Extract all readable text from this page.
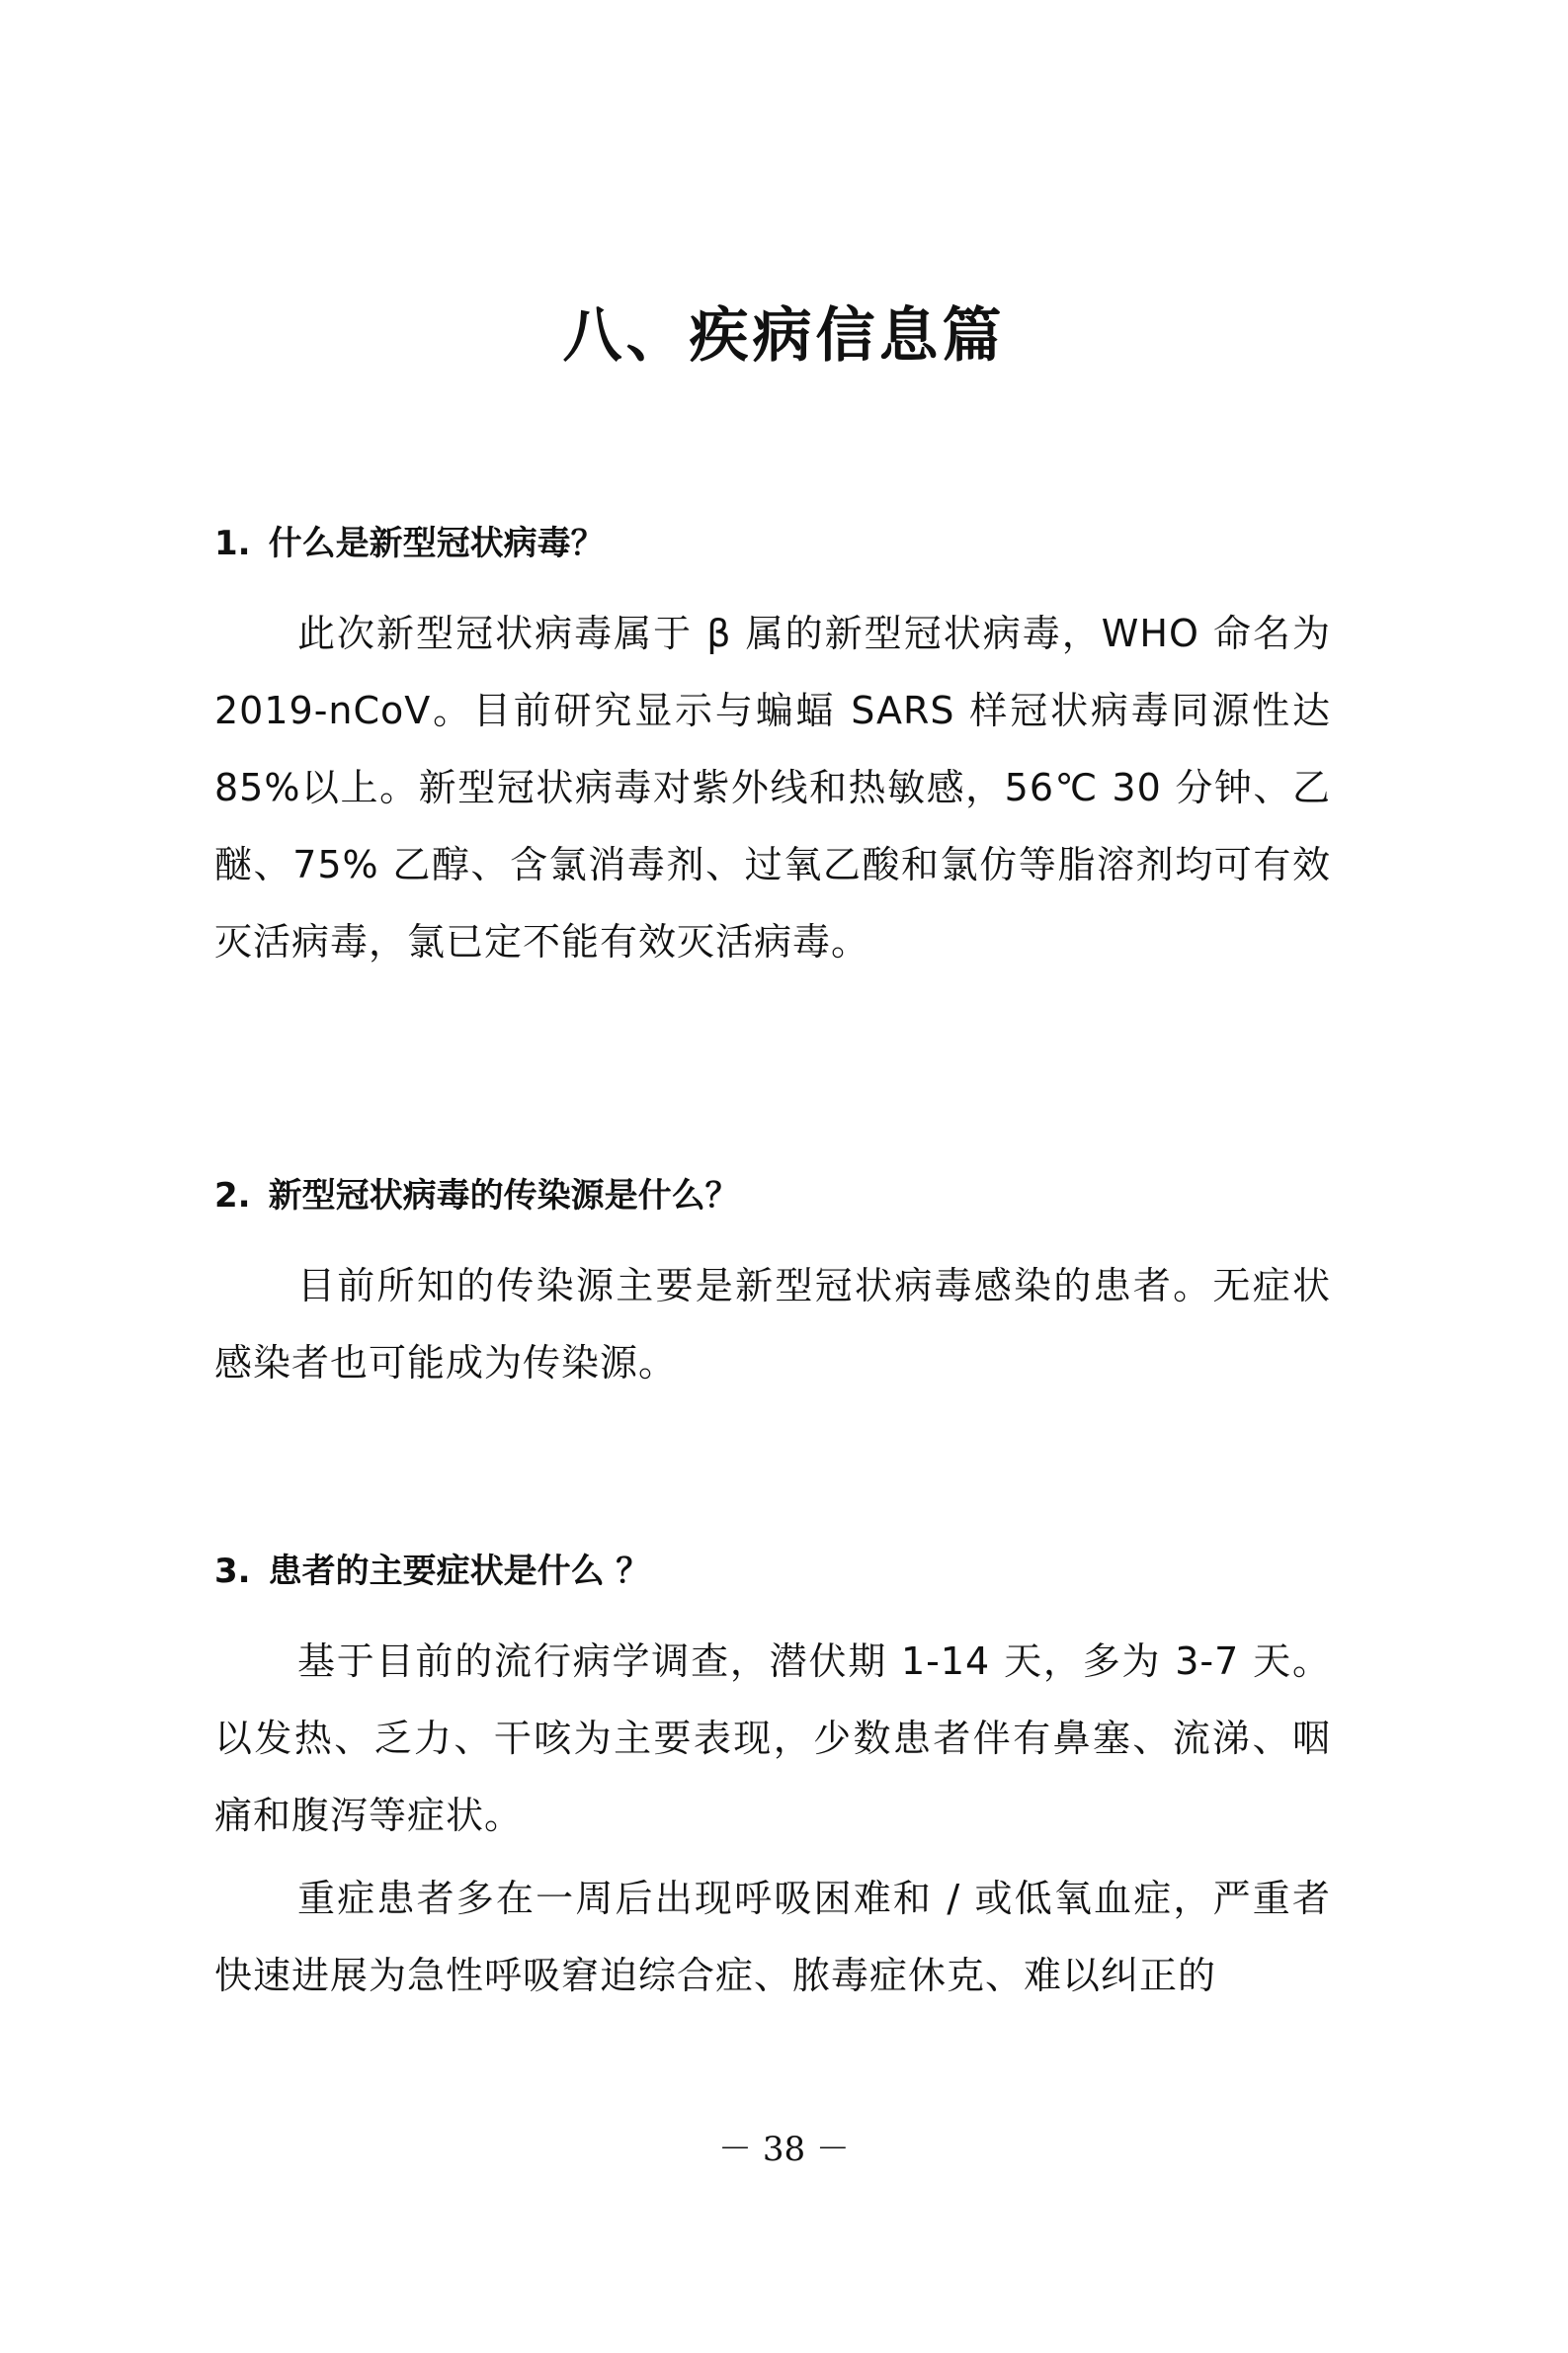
八、疾病信息篇
1. 什么是新型冠状病毒？

此次新型冠状病毒属于 β 属的新型冠状病毒，WHO 命名为 2019-nCoV。目前研究显示与蝙蝠 SARS 样冠状病毒同源性达 85%以上。新型冠状病毒对紫外线和热敏感，56℃ 30 分钟、乙醚、75% 乙醇、含氯消毒剂、过氧乙酸和氯仿等脂溶剂均可有效灭活病毒，氯已定不能有效灭活病毒。

2. 新型冠状病毒的传染源是什么？

目前所知的传染源主要是新型冠状病毒感染的患者。无症状感染者也可能成为传染源。

3. 患者的主要症状是什么 ？

基于目前的流行病学调查，潜伏期 1-14 天，多为 3-7 天。以发热、乏力、干咳为主要表现，少数患者伴有鼻塞、流涕、咽痛和腹泻等症状。

重症患者多在一周后出现呼吸困难和 / 或低氧血症，严重者快速进展为急性呼吸窘迫综合症、脓毒症休克、难以纠正的

－ 38 －
